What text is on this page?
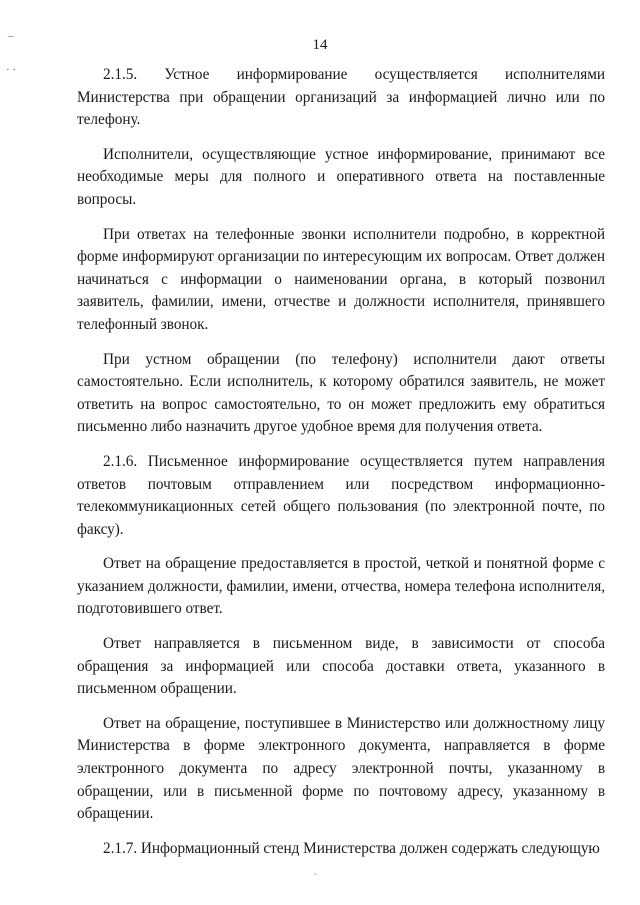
–
· ·
14

2.1.5. Устное информирование осуществляется исполнителями Министерства при обращении организаций за информацией лично или по телефону.

Исполнители, осуществляющие устное информирование, принимают все необходимые меры для полного и оперативного ответа на поставленные вопросы.

При ответах на телефонные звонки исполнители подробно, в корректной форме информируют организации по интересующим их вопросам. Ответ должен начинаться с информации о наименовании органа, в который позвонил заявитель, фамилии, имени, отчестве и должности исполнителя, принявшего телефонный звонок.

При устном обращении (по телефону) исполнители дают ответы самостоятельно. Если исполнитель, к которому обратился заявитель, не может ответить на вопрос самостоятельно, то он может предложить ему обратиться письменно либо назначить другое удобное время для получения ответа.

2.1.6. Письменное информирование осуществляется путем направления ответов почтовым отправлением или посредством информационно-телекоммуникационных сетей общего пользования (по электронной почте, по факсу).

Ответ на обращение предоставляется в простой, четкой и понятной форме с указанием должности, фамилии, имени, отчества, номера телефона исполнителя, подготовившего ответ.

Ответ направляется в письменном виде, в зависимости от способа обращения за информацией или способа доставки ответа, указанного в письменном обращении.

Ответ на обращение, поступившее в Министерство или должностному лицу Министерства в форме электронного документа, направляется в форме электронного документа по адресу электронной почты, указанному в обращении, или в письменной форме по почтовому адресу, указанному в обращении.

2.1.7. Информационный стенд Министерства должен содержать следующую

ˋ
